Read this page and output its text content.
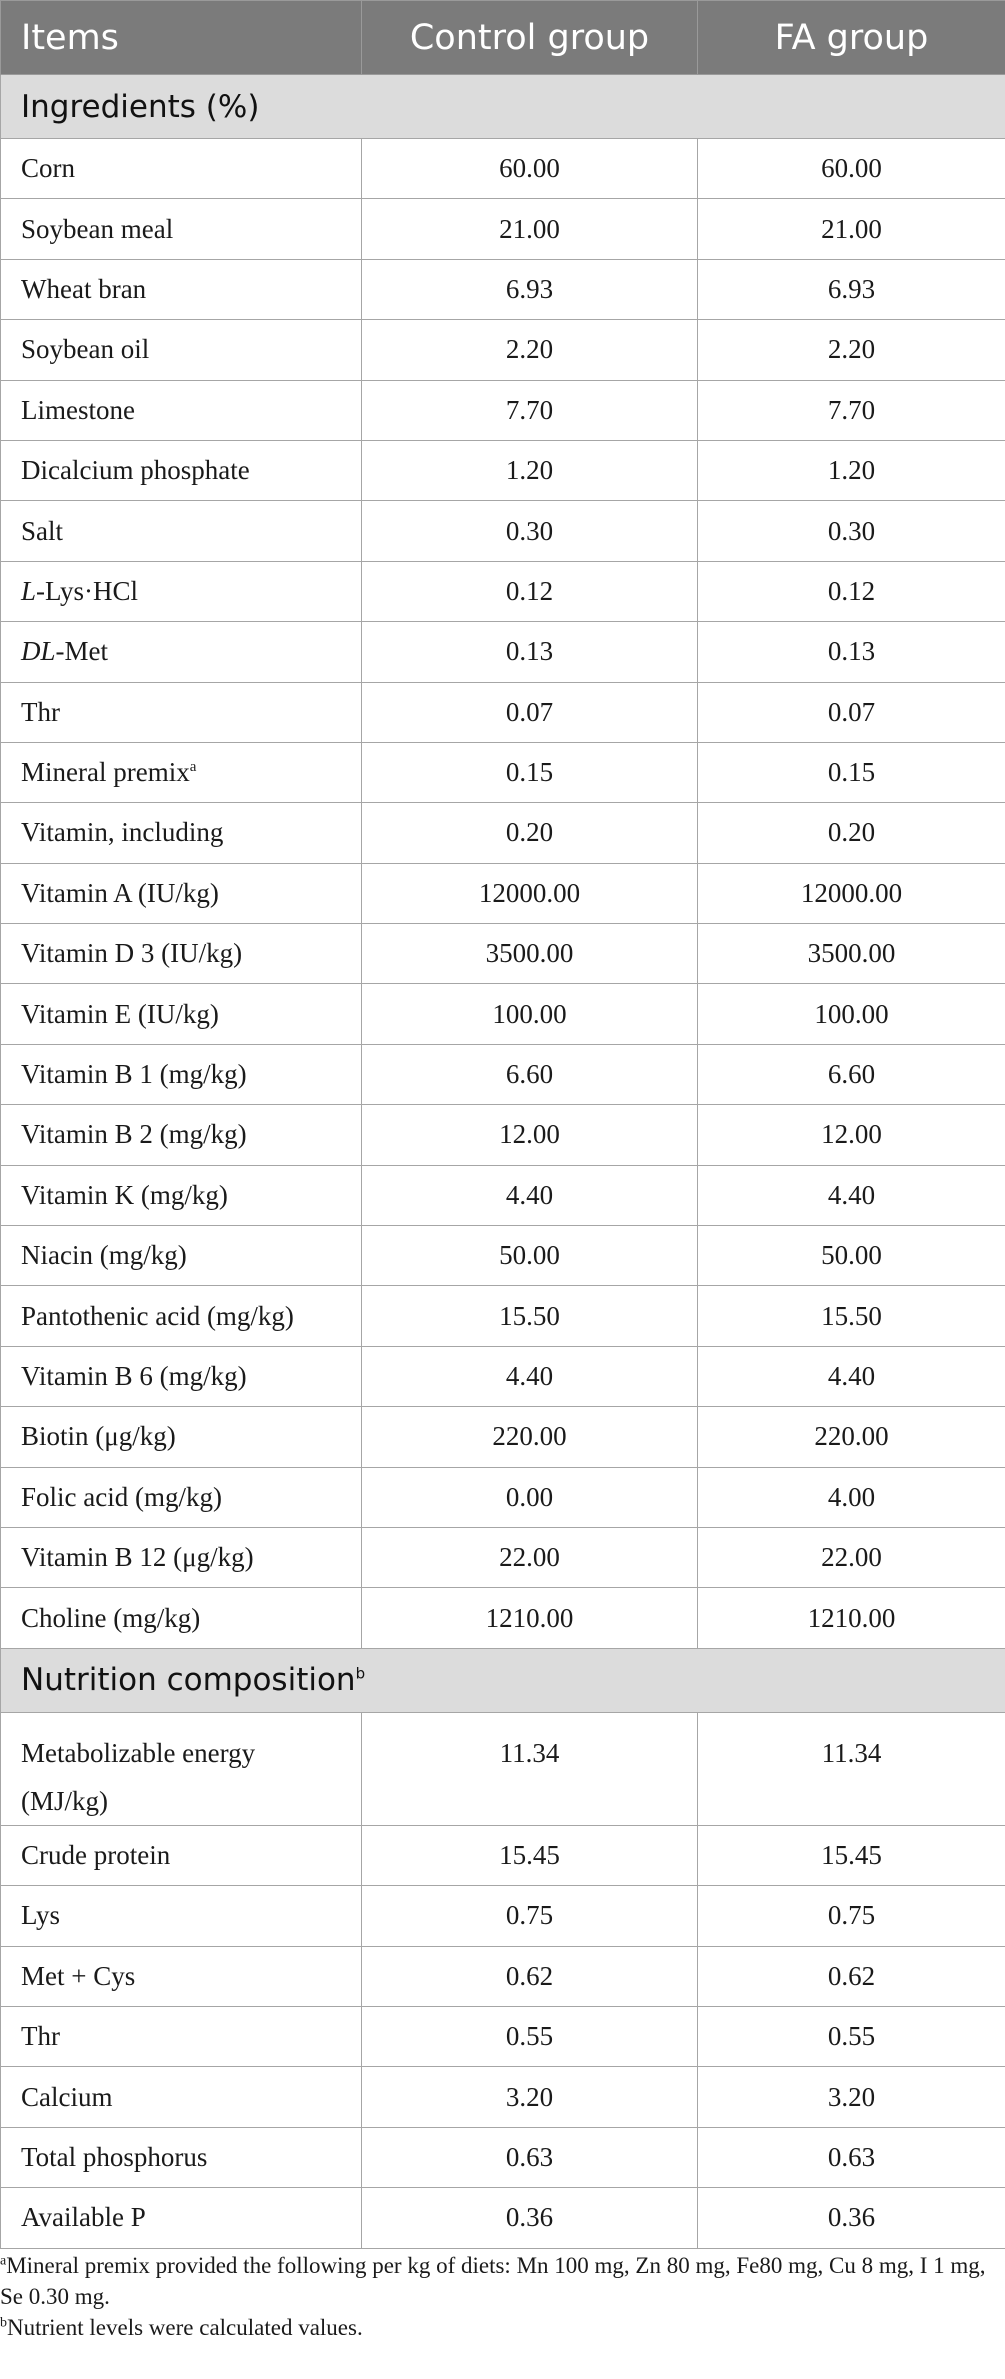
Items	Control group	FA group
Ingredients (%)		
Corn	60.00	60.00
Soybean meal	21.00	21.00
Wheat bran	6.93	6.93
Soybean oil	2.20	2.20
Limestone	7.70	7.70
Dicalcium phosphate	1.20	1.20
Salt	0.30	0.30
L-Lys·HCl	0.12	0.12
DL-Met	0.13	0.13
Thr	0.07	0.07
Mineral premix$^a$	0.15	0.15
Vitamin, including	0.20	0.20
Vitamin A (IU/kg)	12000.00	12000.00
Vitamin D 3 (IU/kg)	3500.00	3500.00
Vitamin E (IU/kg)	100.00	100.00
Vitamin B 1 (mg/kg)	6.60	6.60
Vitamin B 2 (mg/kg)	12.00	12.00
Vitamin K (mg/kg)	4.40	4.40
Niacin (mg/kg)	50.00	50.00
Pantothenic acid (mg/kg)	15.50	15.50
Vitamin B 6 (mg/kg)	4.40	4.40
Biotin (μg/kg)	220.00	220.00
Folic acid (mg/kg)	0.00	4.00
Vitamin B 12 (μg/kg)	22.00	22.00
Choline (mg/kg)	1210.00	1210.00
Nutrition composition$^b$
Metabolizable energy (MJ/kg)	11.34	11.34
Crude protein	15.45	15.45
Lys	0.75	0.75
Met + Cys	0.62	0.62
Thr	0.55	0.55
Calcium	3.20	3.20
Total phosphorus	0.63	0.63
Available P	0.36	0.36

$^a$Mineral premix provided the following per kg of diets: Mn 100 mg, Zn 80 mg, Fe80 mg, Cu 8 mg, I 1 mg, Se 0.30 mg.

$^b$Nutrient levels were calculated values.
